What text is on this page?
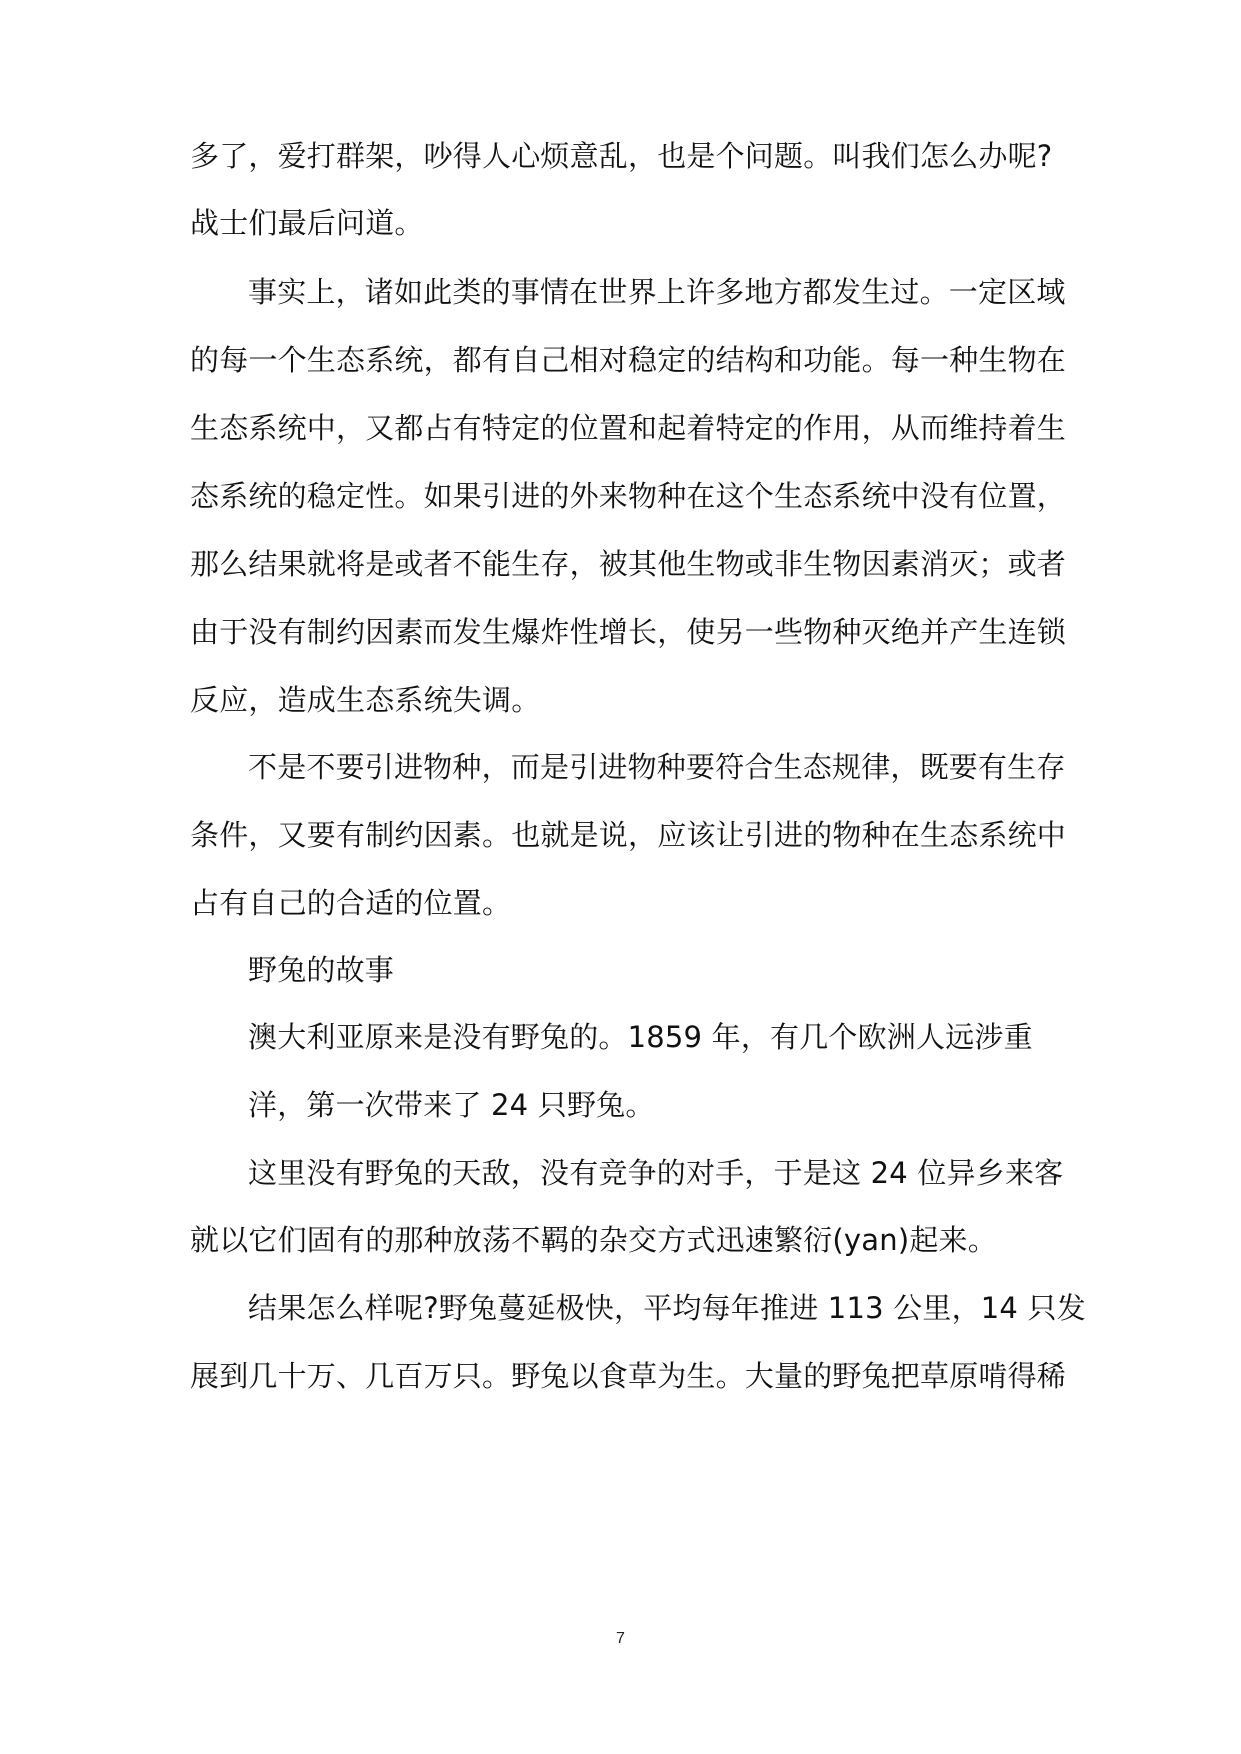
多了，爱打群架，吵得人心烦意乱，也是个问题。叫我们怎么办呢?
战士们最后问道。
事实上，诸如此类的事情在世界上许多地方都发生过。一定区域
的每一个生态系统，都有自己相对稳定的结构和功能。每一种生物在
生态系统中，又都占有特定的位置和起着特定的作用，从而维持着生
态系统的稳定性。如果引进的外来物种在这个生态系统中没有位置，
那么结果就将是或者不能生存，被其他生物或非生物因素消灭；或者
由于没有制约因素而发生爆炸性增长，使另一些物种灭绝并产生连锁
反应，造成生态系统失调。
不是不要引进物种，而是引进物种要符合生态规律，既要有生存
条件，又要有制约因素。也就是说，应该让引进的物种在生态系统中
占有自己的合适的位置。
野兔的故事
澳大利亚原来是没有野兔的。1859 年，有几个欧洲人远涉重
洋，第一次带来了 24 只野兔。
这里没有野兔的天敌，没有竞争的对手，于是这 24 位异乡来客
就以它们固有的那种放荡不羁的杂交方式迅速繁衍(yan)起来。
结果怎么样呢?野兔蔓延极快，平均每年推进 113 公里，14 只发
展到几十万、几百万只。野兔以食草为生。大量的野兔把草原啃得稀
7
